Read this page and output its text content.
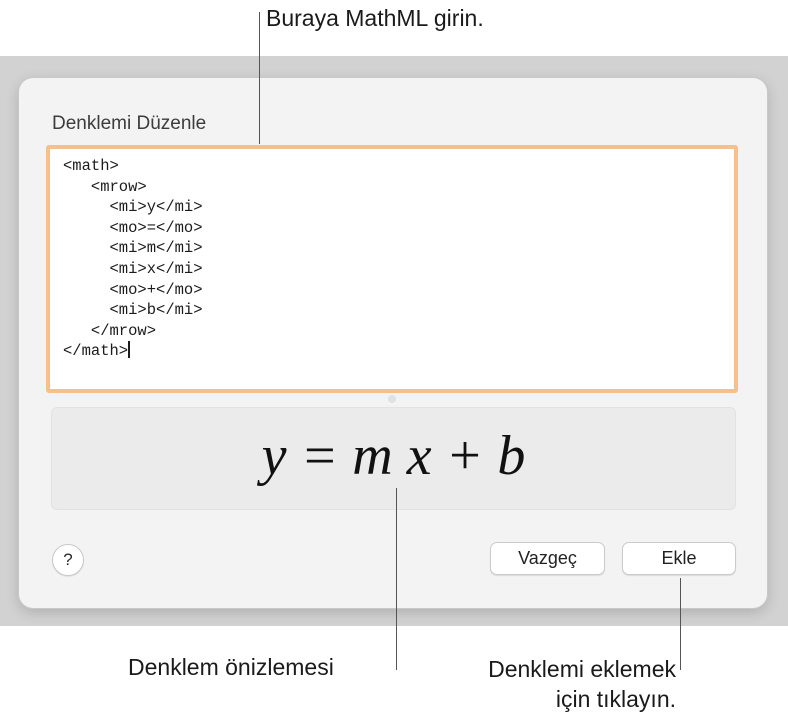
Denklemi Düzenle
<math>
<mrow>
<mi>y</mi>
<mo>=</mo>
<mi>m</mi>
<mi>x</mi>
<mo>+</mo>
<mi>b</mi>
</mrow>
</math>
y = m x + b
?	Vazgeç	Ekle
Buraya MathML girin.
Denklem önizlemesi	Denklemi eklemek
için tıklayın.
